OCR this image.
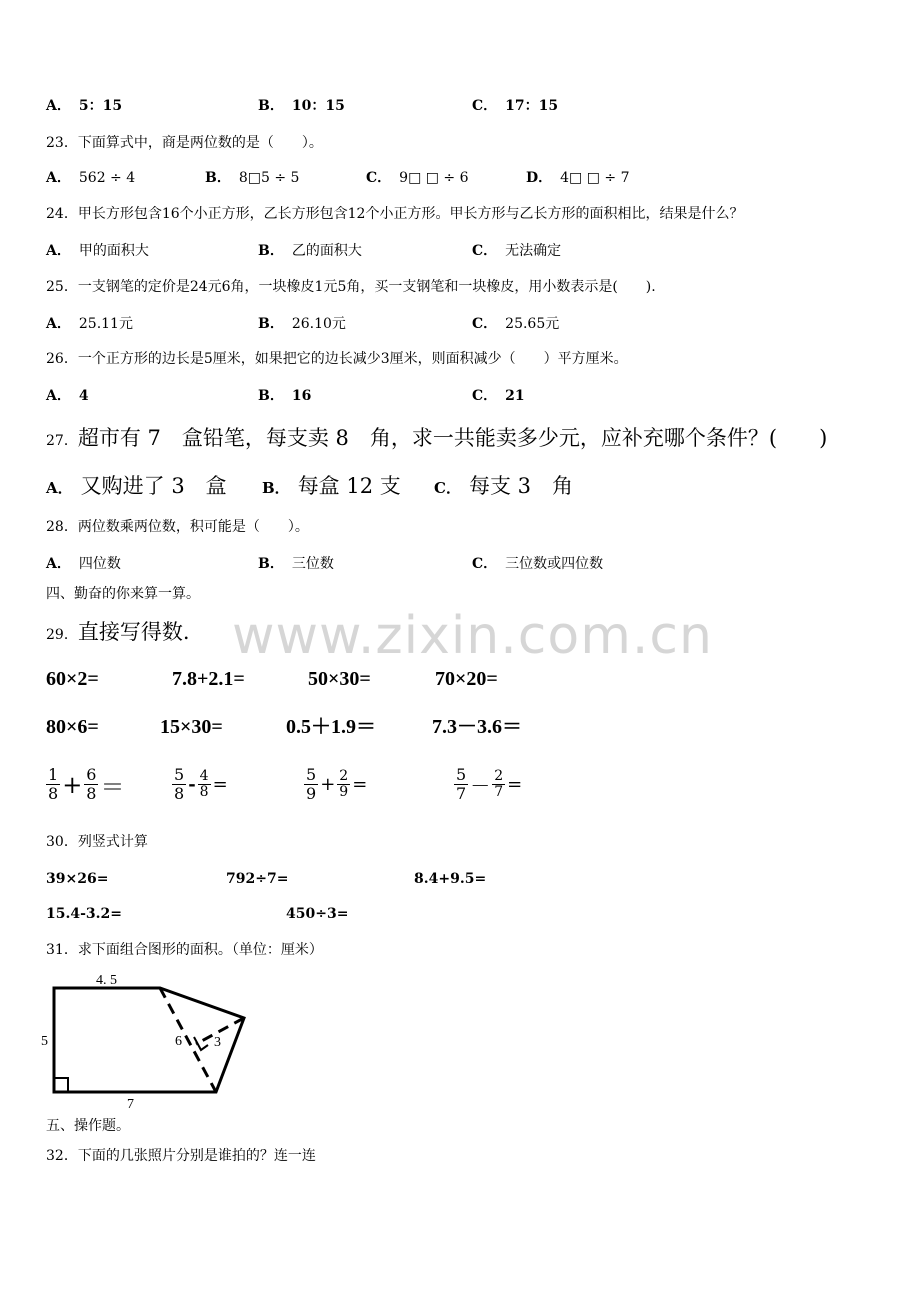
www.zixin.com.cn
A． 5：15	B． 10：15	C． 17：15
23．下面算式中，商是两位数的是（　　）。
A． 562 ÷ 4	B． 8□5 ÷ 5	C． 9□ □ ÷ 6	D． 4□ □ ÷ 7
24．甲长方形包含16个小正方形，乙长方形包含12个小正方形。甲长方形与乙长方形的面积相比，结果是什么？
A． 甲的面积大	B． 乙的面积大	C． 无法确定
25．一支钢笔的定价是24元6角，一块橡皮1元5角，买一支钢笔和一块橡皮，用小数表示是(　　).
A． 25.11元	B． 26.10元	C． 25.65元
26．一个正方形的边长是5厘米，如果把它的边长减少3厘米，则面积减少（　　）平方厘米。
A． 4	B． 16	C． 21
27．超市有 7　盒铅笔，每支卖 8　角，求一共能卖多少元，应补充哪个条件？(　　)
A． 又购进了 3　盒 B． 每盒 12 支 C． 每支 3　角
28．两位数乘两位数，积可能是（　　）。
A． 四位数	B． 三位数	C． 三位数或四位数
四、勤奋的你来算一算。
29．直接写得数.
60×2=	7.8+2.1=	50×30=	70×20=
80×6=	15×30=	0.5＋1.9＝	7.3－3.6＝
$\frac{1}{8} + \frac{6}{8}$ ＝	$\frac{5}{8} - \frac{4}{8}$ =	$\frac{5}{9} + \frac{2}{9}$ =	$\frac{5}{7} - \frac{2}{7}$ =
30．列竖式计算
39×26=	792÷7=	8.4+9.5=
15.4-3.2=	450÷3=
31．求下面组合图形的面积。（单位：厘米）
4. 5
5
7
6 3
五、操作题。
32．下面的几张照片分别是谁拍的？连一连
